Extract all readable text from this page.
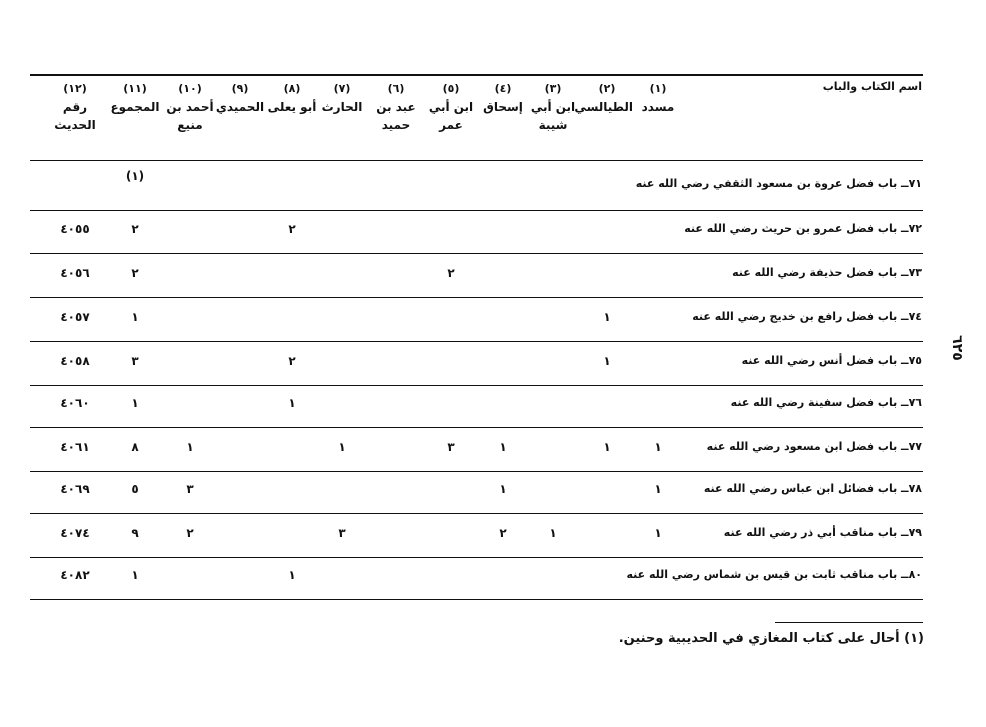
٦٢٥
اسم الكتاب والباب
(١)
مسدد
(٢)
الطيالسي
(٣)
ابن أبي شيبة
(٤)
إسحاق
(٥)
ابن أبي عمر
(٦)
عبد بن حميد
(٧)
الحارث
(٨)
أبو يعلى
(٩)
الحميدي
(١٠)
أحمد بن منيع
(١١)
المجموع
(١٢)
رقم الحديث
٧١ــ باب فضل عروة بن مسعود الثقفي رضي الله عنه
(١)
٧٢ــ باب فضل عمرو بن حريث رضي الله عنه
٢
٢
٤٠٥٥
٧٣ــ باب فضل حذيفة رضي الله عنه
٢
٢
٤٠٥٦
٧٤ــ باب فضل رافع بن خديج رضي الله عنه
١
١
٤٠٥٧
٧٥ــ باب فضل أنس رضي الله عنه
١
٢
٣
٤٠٥٨
٧٦ــ باب فضل سفينة رضي الله عنه
١
١
٤٠٦٠
٧٧ــ باب فضل ابن مسعود رضي الله عنه
١
١
١
٣
١
١
٨
٤٠٦١
٧٨ــ باب فضائل ابن عباس رضي الله عنه
١
١
٣
٥
٤٠٦٩
٧٩ــ باب مناقب أبي ذر رضي الله عنه
١
١
٢
٣
٢
٩
٤٠٧٤
٨٠ــ باب مناقب ثابت بن قيس بن شماس رضي الله عنه
١
١
٤٠٨٢
(١) أحال على كتاب المغازي في الحديبية وحنين.
